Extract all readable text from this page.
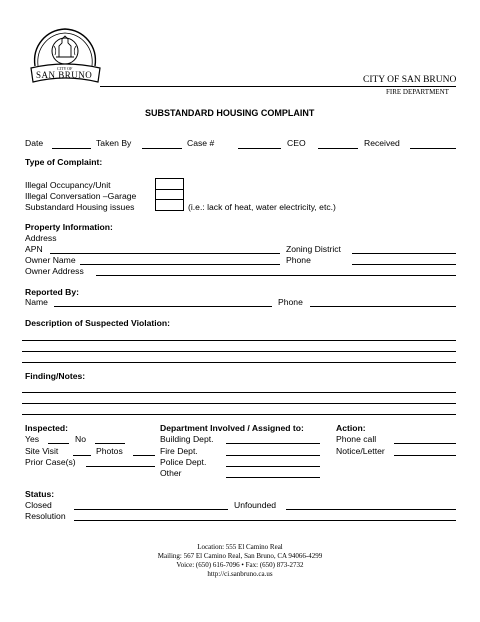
CITY OF
SAN BRUNO	CITY OF SAN BRUNO
FIRE DEPARTMENT
SUBSTANDARD HOUSING COMPLAINT
Date	Taken By	Case #	CEO	Received
Type of Complaint:
Illegal Occupancy/Unit
Illegal Conversation –Garage
Substandard Housing issues	(i.e.: lack of heat, water electricity, etc.)
Property Information:
Address
APN	Zoning District
Owner Name	Phone
Owner Address
Reported By:
Name	Phone
Description of Suspected Violation:
Finding/Notes:
Inspected:
Yes	No
Site Visit	Photos
Prior Case(s)
Department Involved / Assigned to:
Building Dept.
Fire Dept.
Police Dept.
Other
Action:
Phone call
Notice/Letter
Status:
Closed	Unfounded
Resolution
Location: 555 El Camino Real
Mailing: 567 El Camino Real, San Bruno, CA 94066-4299
Voice: (650) 616-7096 • Fax: (650) 873-2732
http://ci.sanbruno.ca.us
